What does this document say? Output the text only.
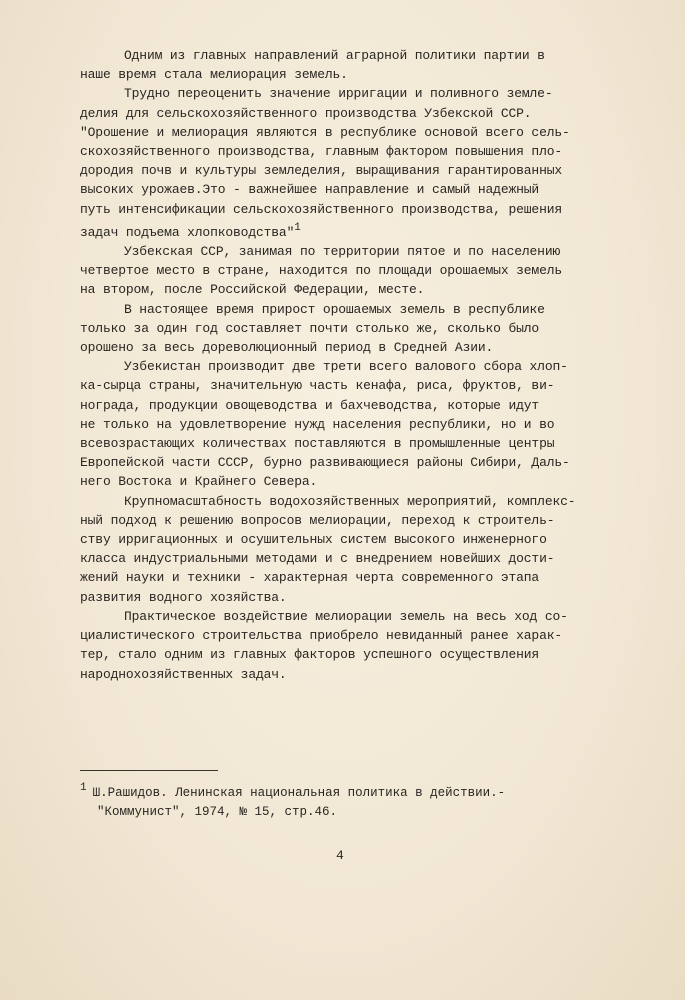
Одним из главных направлений аграрной политики партии в
наше время стала мелиорация земель.
Трудно переоценить значение ирригации и поливного земле-
делия для сельскохозяйственного производства Узбекской ССР.
"Орошение и мелиорация являются в республике основой всего сель-
скохозяйственного производства, главным фактором повышения пло-
дородия почв и культуры земледелия, выращивания гарантированных
высоких урожаев.Это - важнейшее направление и самый надежный
путь интенсификации сельскохозяйственного производства, решения
задач подъема хлопководства"$^1$
Узбекская ССР, занимая по территории пятое и по населению
четвертое место в стране, находится по площади орошаемых земель
на втором, после Российской Федерации, месте.
В настоящее время прирост орошаемых земель в республике
только за один год составляет почти столько же, сколько было
орошено за весь дореволюционный период в Средней Азии.
Узбекистан производит две трети всего валового сбора хлоп-
ка-сырца страны, значительную часть кенафа, риса, фруктов, ви-
нограда, продукции овощеводства и бахчеводства, которые идут
не только на удовлетворение нужд населения республики, но и во
всевозрастающих количествах поставляются в промышленные центры
Европейской части СССР, бурно развивающиеся районы Сибири, Даль-
него Востока и Крайнего Севера.
Крупномасштабность водохозяйственных мероприятий, комплекс-
ный подход к решению вопросов мелиорации, переход к строитель-
ству ирригационных и осушительных систем высокого инженерного
класса индустриальными методами и с внедрением новейших дости-
жений науки и техники - характерная черта современного этапа
развития водного хозяйства.
Практическое воздействие мелиорации земель на весь ход со-
циалистического строительства приобрело невиданный ранее харак-
тер, стало одним из главных факторов успешного осуществления
народнохозяйственных задач.
$^1$ Ш.Рашидов. Ленинская национальная политика в действии.-
"Коммунист", 1974, № 15, стр.46.
4
